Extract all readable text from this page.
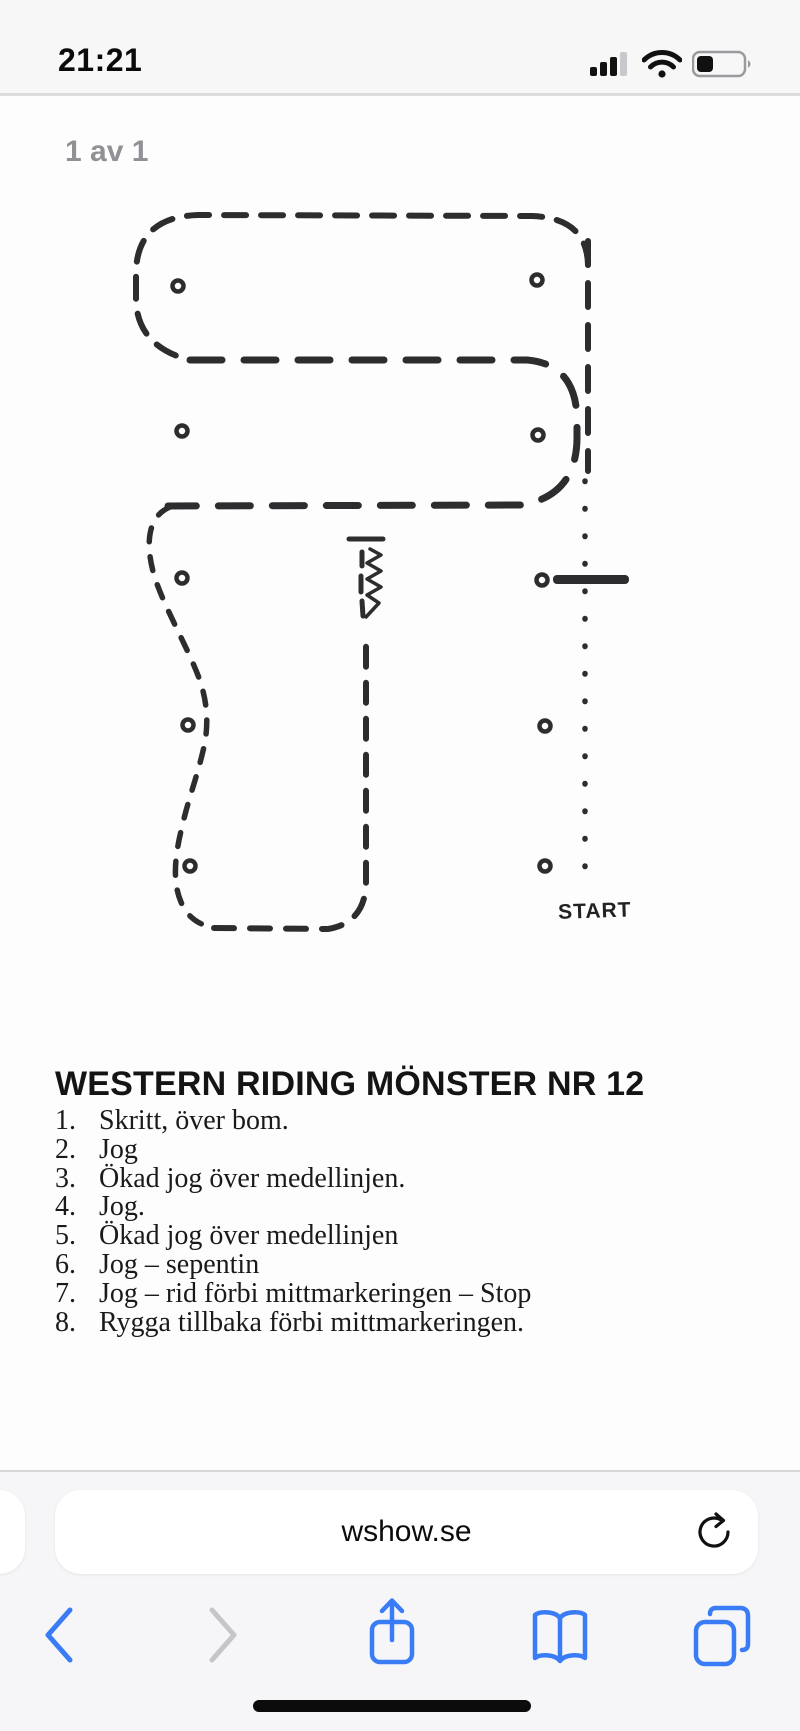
21:21
1 av 1
START
WESTERN RIDING MÖNSTER NR 12
1. Skritt, över bom.
2. Jog
3. Ökad jog över medellinjen.
4. Jog.
5. Ökad jog över medellinjen
6. Jog – sepentin
7. Jog – rid förbi mittmarkeringen – Stop
8. Rygga tillbaka förbi mittmarkeringen.
wshow.se
